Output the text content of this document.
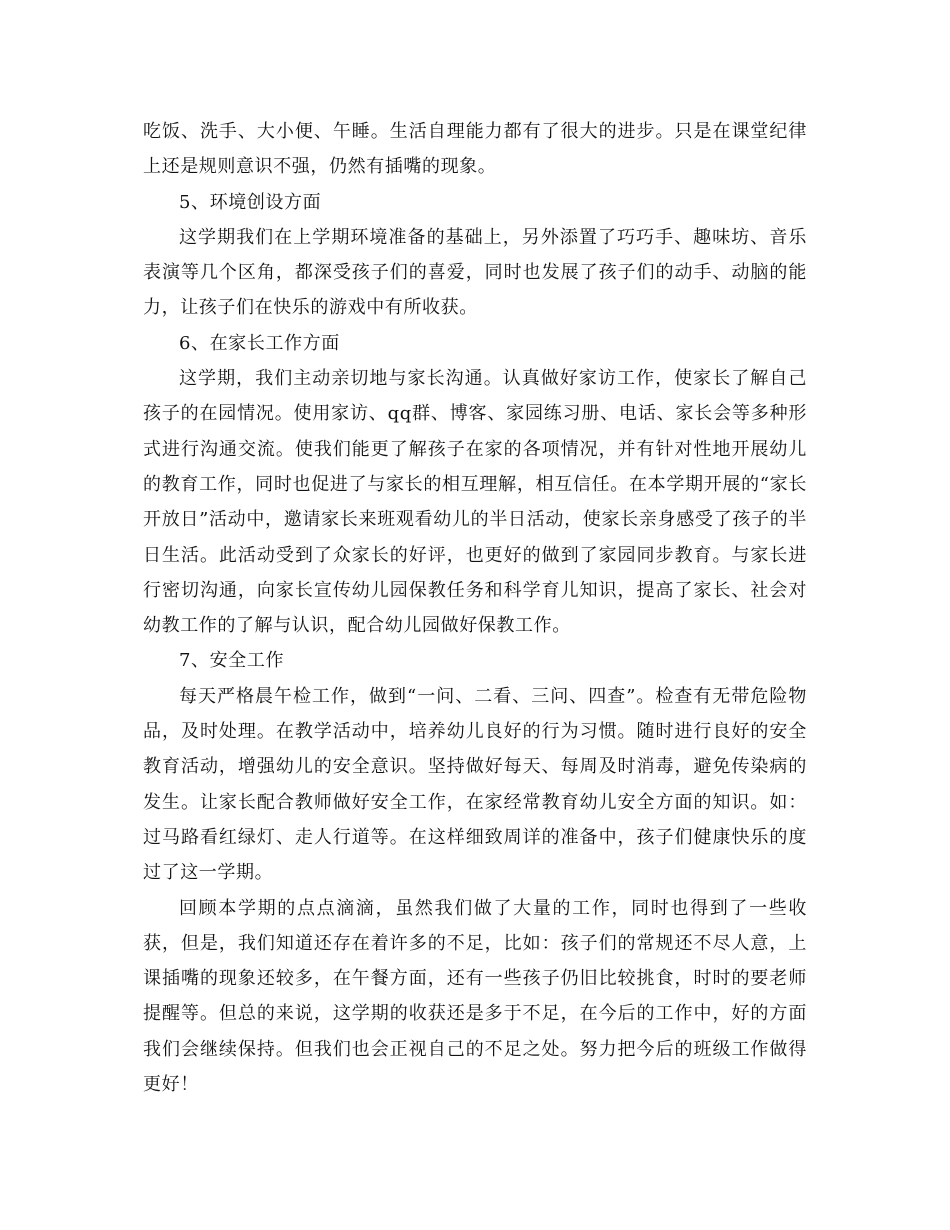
吃饭、洗手、大小便、午睡。生活自理能力都有了很大的进步。只是在课堂纪律上还是规则意识不强，仍然有插嘴的现象。

5、环境创设方面

这学期我们在上学期环境准备的基础上，另外添置了巧巧手、趣味坊、音乐表演等几个区角，都深受孩子们的喜爱，同时也发展了孩子们的动手、动脑的能力，让孩子们在快乐的游戏中有所收获。

6、在家长工作方面

这学期，我们主动亲切地与家长沟通。认真做好家访工作，使家长了解自己孩子的在园情况。使用家访、qq群、博客、家园练习册、电话、家长会等多种形式进行沟通交流。使我们能更了解孩子在家的各项情况，并有针对性地开展幼儿的教育工作，同时也促进了与家长的相互理解，相互信任。在本学期开展的“家长开放日”活动中，邀请家长来班观看幼儿的半日活动，使家长亲身感受了孩子的半日生活。此活动受到了众家长的好评，也更好的做到了家园同步教育。与家长进行密切沟通，向家长宣传幼儿园保教任务和科学育儿知识，提高了家长、社会对幼教工作的了解与认识，配合幼儿园做好保教工作。

7、安全工作

每天严格晨午检工作，做到“一问、二看、三问、四查”。检查有无带危险物品，及时处理。在教学活动中，培养幼儿良好的行为习惯。随时进行良好的安全教育活动，增强幼儿的安全意识。坚持做好每天、每周及时消毒，避免传染病的发生。让家长配合教师做好安全工作，在家经常教育幼儿安全方面的知识。如：过马路看红绿灯、走人行道等。在这样细致周详的准备中，孩子们健康快乐的度过了这一学期。

回顾本学期的点点滴滴，虽然我们做了大量的工作，同时也得到了一些收获，但是，我们知道还存在着许多的不足，比如：孩子们的常规还不尽人意，上课插嘴的现象还较多，在午餐方面，还有一些孩子仍旧比较挑食，时时的要老师提醒等。但总的来说，这学期的收获还是多于不足，在今后的工作中，好的方面我们会继续保持。但我们也会正视自己的不足之处。努力把今后的班级工作做得更好！
